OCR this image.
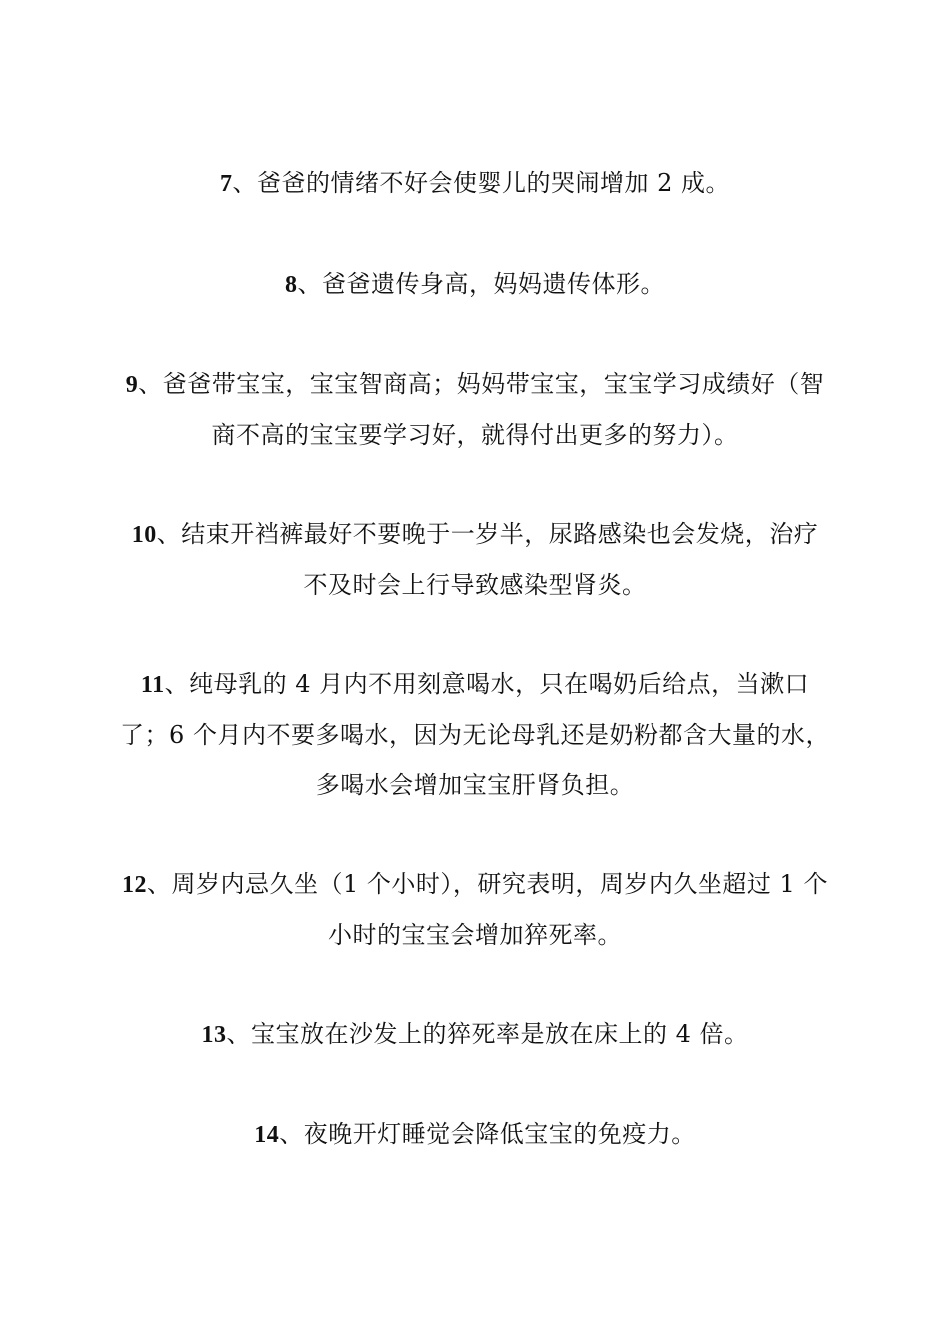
7、爸爸的情绪不好会使婴儿的哭闹增加 2 成。
8、爸爸遗传身高，妈妈遗传体形。
9、爸爸带宝宝，宝宝智商高；妈妈带宝宝，宝宝学习成绩好（智商不高的宝宝要学习好，就得付出更多的努力）。
10、结束开裆裤最好不要晚于一岁半，尿路感染也会发烧，治疗不及时会上行导致感染型肾炎。
11、纯母乳的 4 月内不用刻意喝水，只在喝奶后给点，当漱口了；6 个月内不要多喝水，因为无论母乳还是奶粉都含大量的水，多喝水会增加宝宝肝肾负担。
12、周岁内忌久坐（1 个小时），研究表明，周岁内久坐超过 1 个小时的宝宝会增加猝死率。
13、宝宝放在沙发上的猝死率是放在床上的 4 倍。
14、夜晚开灯睡觉会降低宝宝的免疫力。
